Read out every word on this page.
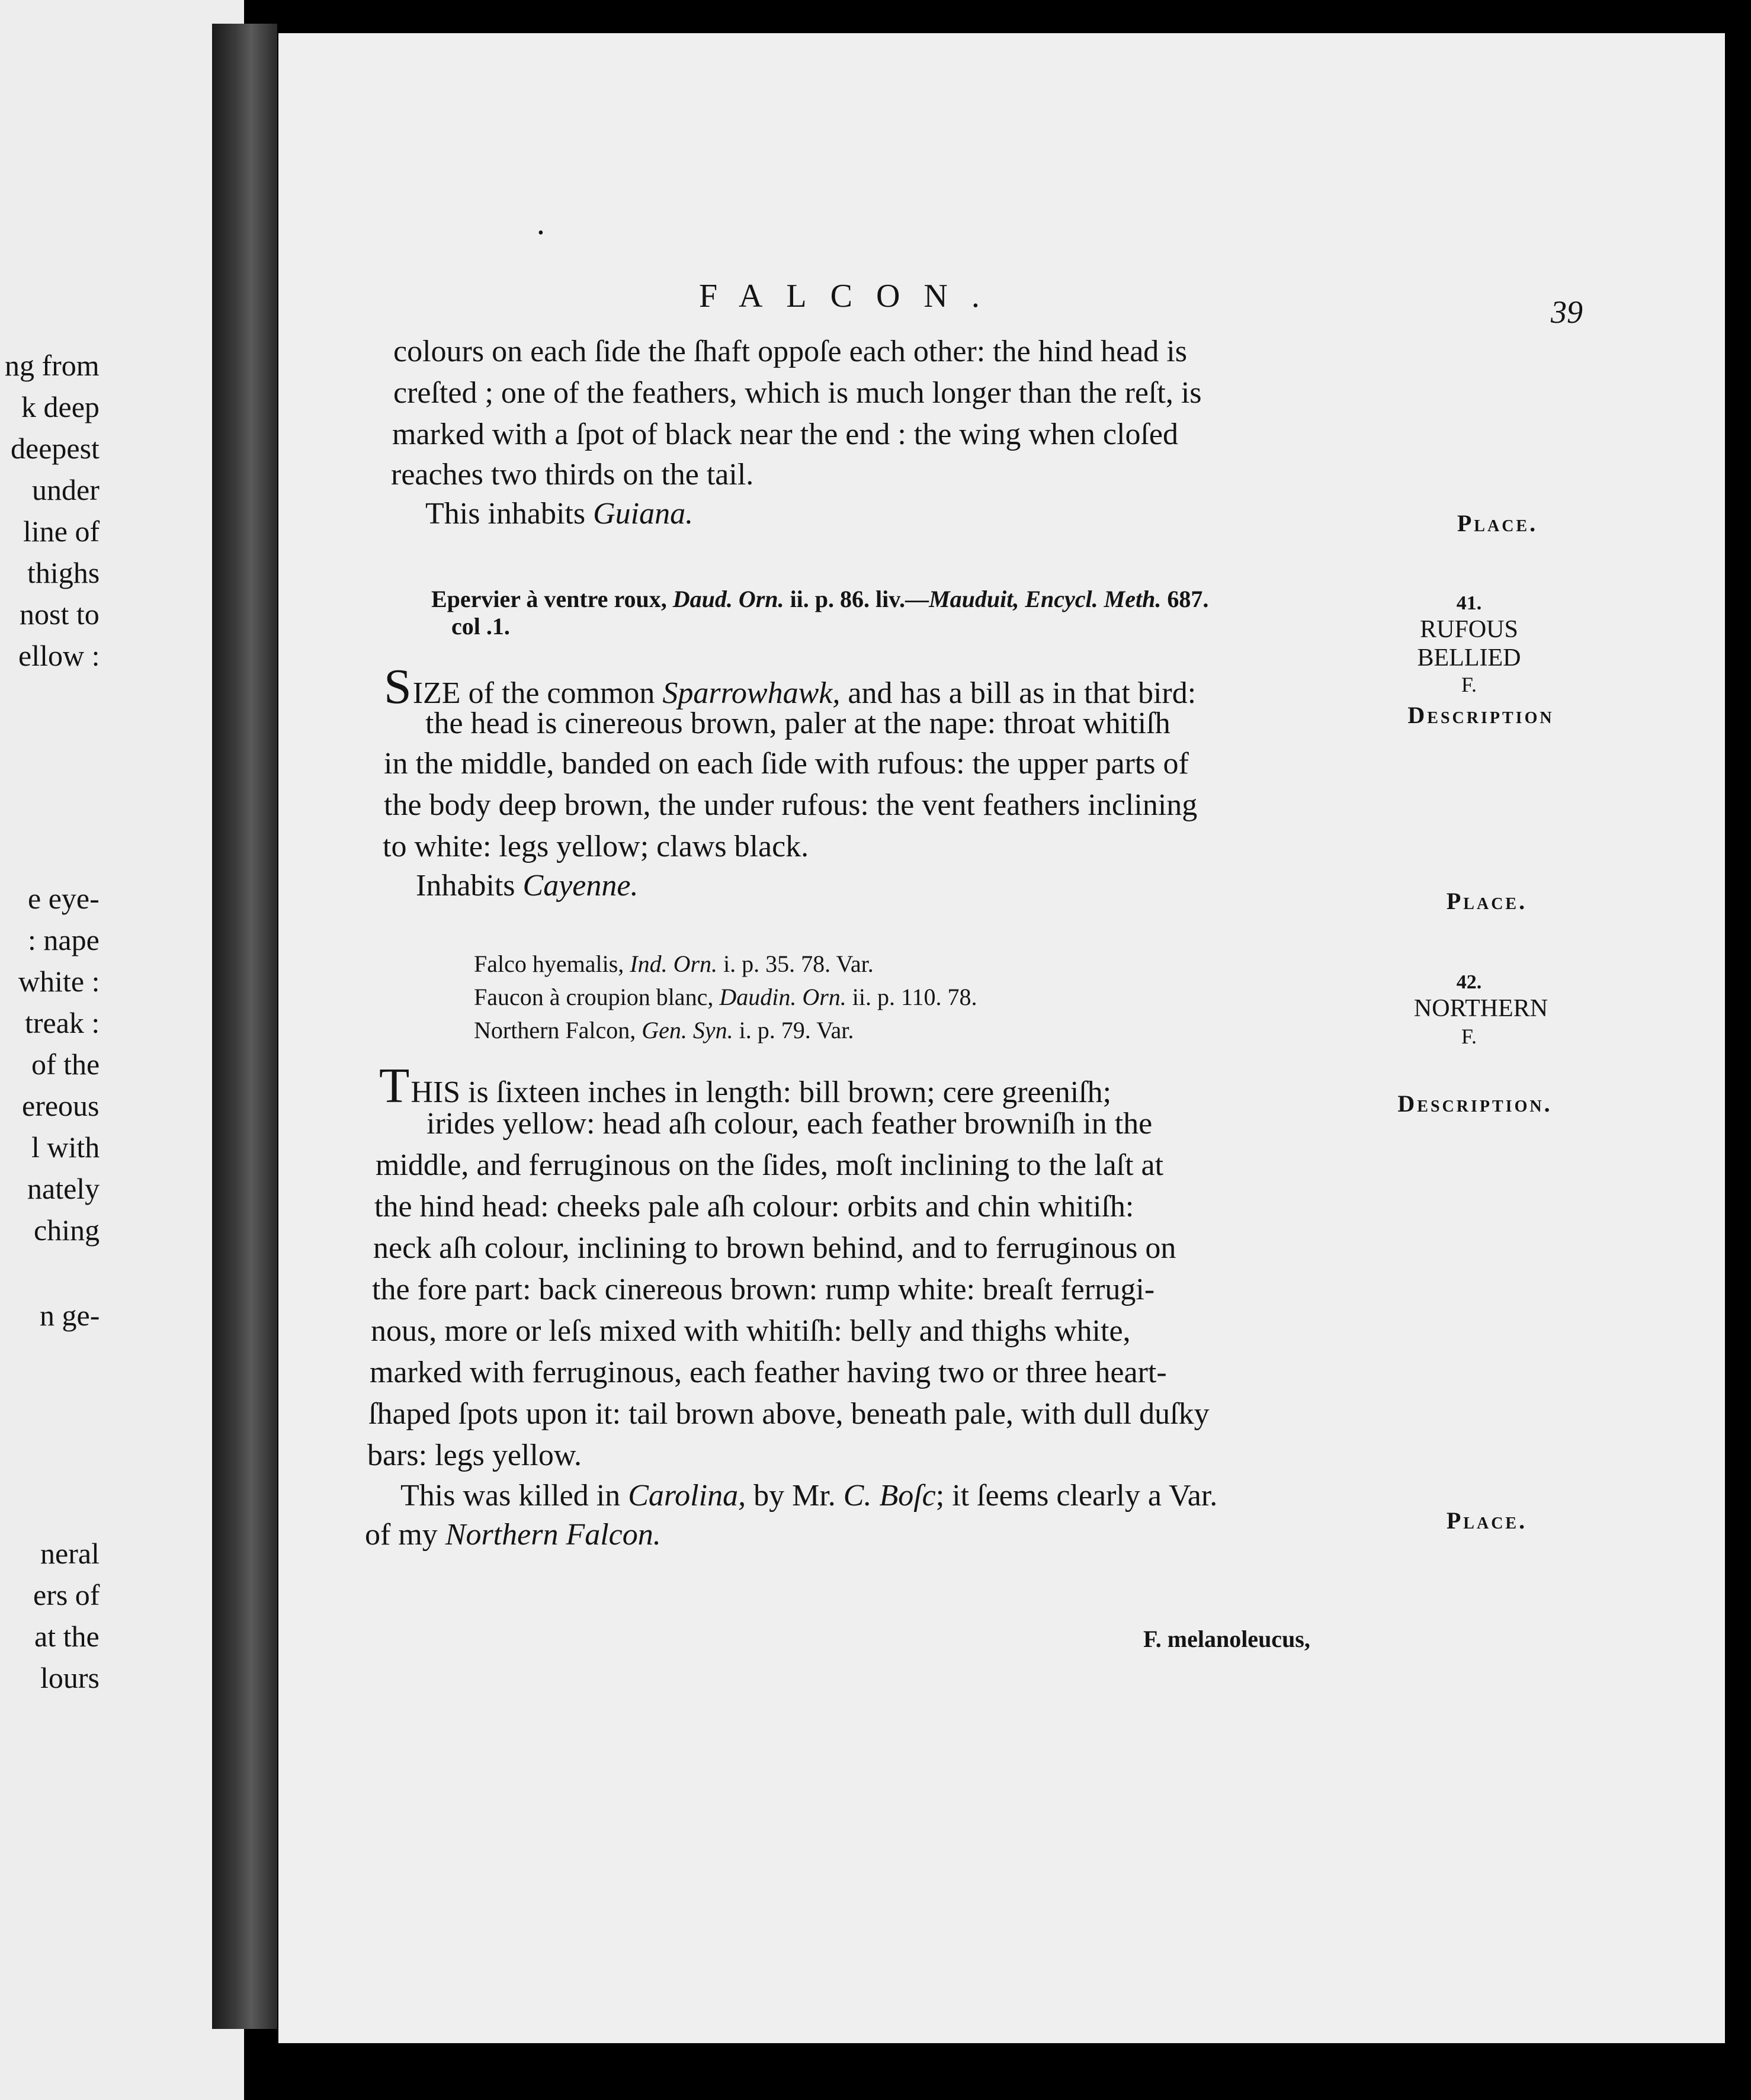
ng from
k deep
deepest
under
line of
thighs
nost to
ellow :
e eye-
: nape
white :
treak :
of the
ereous
l with
nately
ching
n ge-
neral
ers of
at the
lours
•
FALCON.	39
colours on each ſide the ſhaft oppoſe each other: the hind head is
creſted ; one of the feathers, which is much longer than the reſt, is
marked with a ſpot of black near the end : the wing when cloſed
reaches two thirds on the tail.
This inhabits Guiana.	Place.
Epervier à ventre roux, Daud. Orn. ii. p. 86. liv.—Mauduit, Encycl. Meth. 687.
col .1.
41.
RUFOUS
BELLIED
F.
Description
SIZE of the common Sparrowhawk, and has a bill as in that bird:
the head is cinereous brown, paler at the nape: throat whitiſh
in the middle, banded on each ſide with rufous: the upper parts of
the body deep brown, the under rufous: the vent feathers inclining
to white: legs yellow; claws black.
Inhabits Cayenne.	Place.
Falco hyemalis, Ind. Orn. i. p. 35. 78. Var.
Faucon à croupion blanc, Daudin. Orn. ii. p. 110. 78.
Northern Falcon, Gen. Syn. i. p. 79. Var.
42.
NORTHERN
F.
Description.
THIS is ſixteen inches in length: bill brown; cere greeniſh;
irides yellow: head aſh colour, each feather browniſh in the
middle, and ferruginous on the ſides, moſt inclining to the laſt at
the hind head: cheeks pale aſh colour: orbits and chin whitiſh:
neck aſh colour, inclining to brown behind, and to ferruginous on
the fore part: back cinereous brown: rump white: breaſt ferrugi-
nous, more or leſs mixed with whitiſh: belly and thighs white,
marked with ferruginous, each feather having two or three heart-
ſhaped ſpots upon it: tail brown above, beneath pale, with dull duſky
bars: legs yellow.
This was killed in Carolina, by Mr. C. Boſc; it ſeems clearly a Var.
of my Northern Falcon.	Place.
F. melanoleucus,
